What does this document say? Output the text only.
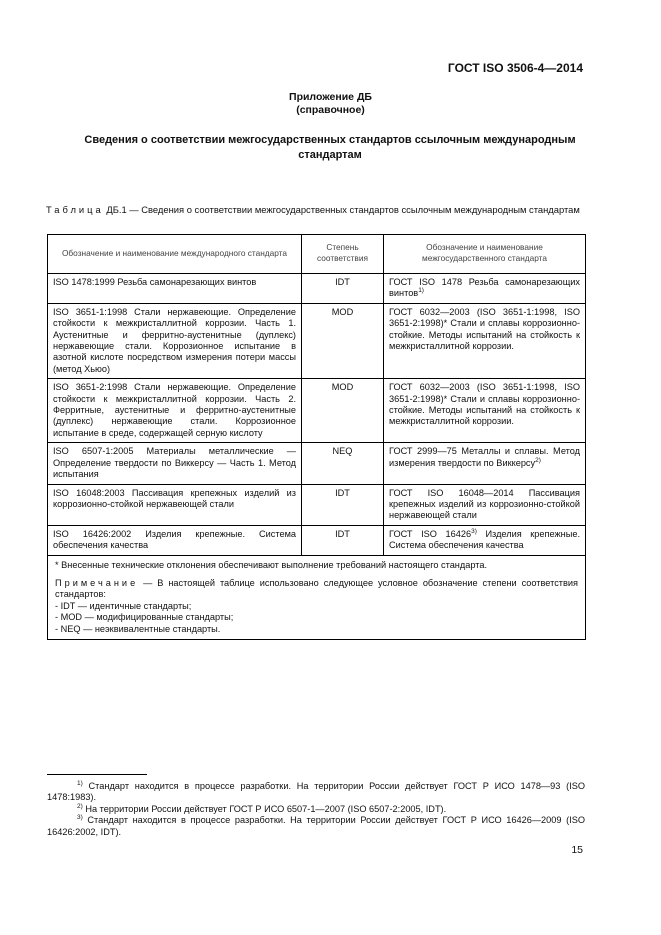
ГОСТ ISO 3506-4—2014
Приложение ДБ
(справочное)
Сведения о соответствии межгосударственных стандартов ссылочным международным стандартам
Таблица ДБ.1 — Сведения о соответствии межгосударственных стандартов ссылочным международным стандартам
Обозначение и наименование международного стандарта	Степень соответствия	Обозначение и наименование межгосударственного стандарта
ISO 1478:1999 Резьба самонарезающих винтов	IDT	ГОСТ ISO 1478 Резьба самонарезающих винтов$^{1)}$
ISO 3651-1:1998 Стали нержавеющие. Определение стойкости к межкристаллитной коррозии. Часть 1. Аустенитные и ферритно-аустенитные (дуплекс) нержавеющие стали. Коррозионное испытание в азотной кислоте посредством измерения потери массы (метод Хьюо)	MOD	ГОСТ 6032—2003 (ISO 3651-1:1998, ISO 3651-2:1998)* Стали и сплавы коррозионно-стойкие. Методы испытаний на стойкость к межкристаллитной коррозии.
ISO 3651-2:1998 Стали нержавеющие. Определение стойкости к межкристаллитной коррозии. Часть 2. Ферритные, аустенитные и ферритно-аустенитные (дуплекс) нержавеющие стали. Коррозионное испытание в среде, содержащей серную кислоту	MOD	ГОСТ 6032—2003 (ISO 3651-1:1998, ISO 3651-2:1998)* Стали и сплавы коррозионно-стойкие. Методы испытаний на стойкость к межкристаллитной коррозии.
ISO 6507-1:2005 Материалы металлические — Определение твердости по Виккерсу — Часть 1. Метод испытания	NEQ	ГОСТ 2999—75 Металлы и сплавы. Метод измерения твердости по Виккерсу$^{2)}$
ISO 16048:2003 Пассивация крепежных изделий из коррозионно-стойкой нержавеющей стали	IDT	ГОСТ ISO 16048—2014 Пассивация крепежных изделий из коррозионно-стойкой нержавеющей стали
ISO 16426:2002 Изделия крепежные. Система обеспечения качества	IDT	ГОСТ ISO 16426$^{3)}$ Изделия крепежные. Система обеспечения качества

* Внесенные технические отклонения обеспечивают выполнение требований настоящего стандарта.

Примечание — В настоящей таблице использовано следующее условное обозначение степени соответствия стандартов:

- IDT — идентичные стандарты;

- MOD — модифицированные стандарты;

- NEQ — неэквивалентные стандарты.		

$^{1)}$ Стандарт находится в процессе разработки. На территории России действует ГОСТ Р ИСО 1478—93 (ISO 1478:1983).

$^{2)}$ На территории России действует ГОСТ Р ИСО 6507-1—2007 (ISO 6507-2:2005, IDT).

$^{3)}$ Стандарт находится в процессе разработки. На территории России действует ГОСТ Р ИСО 16426—2009 (ISO 16426:2002, IDT).

15
